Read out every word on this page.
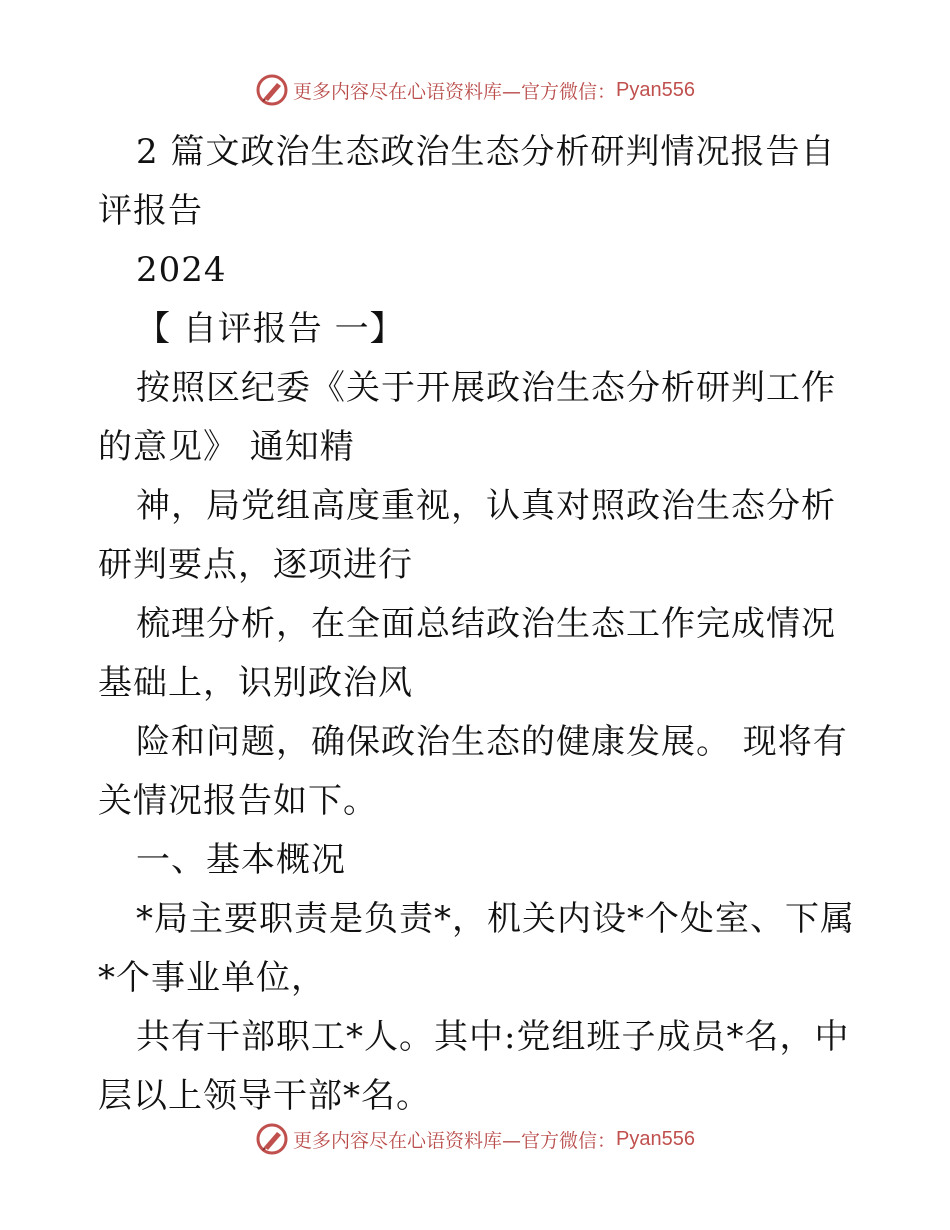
更多内容尽在心语资料库—官方微信： Pyan556

2 篇文政治生态政治生态分析研判情况报告自评报告

2024

【 自评报告 一】

按照区纪委《关于开展政治生态分析研判工作的意见》 通知精

神，局党组高度重视，认真对照政治生态分析研判要点，逐项进行

梳理分析，在全面总结政治生态工作完成情况基础上，识别政治风

险和问题，确保政治生态的健康发展。 现将有关情况报告如下。

一、基本概况

*局主要职责是负责*，机关内设*个处室、下属*个事业单位，

共有干部职工*人。其中:党组班子成员*名，中层以上领导干部*名。

更多内容尽在心语资料库—官方微信： Pyan556
